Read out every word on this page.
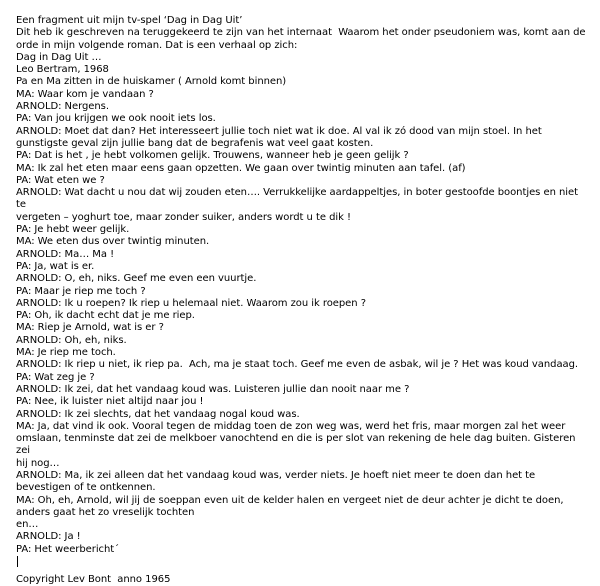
Een fragment uit mijn tv-spel ‘Dag in Dag Uit’
Dit heb ik geschreven na teruggekeerd te zijn van het internaat  Waarom het onder pseudoniem was, komt aan de
orde in mijn volgende roman. Dat is een verhaal op zich:
Dag in Dag Uit …
Leo Bertram, 1968
Pa en Ma zitten in de huiskamer ( Arnold komt binnen)
MA: Waar kom je vandaan ?
ARNOLD: Nergens.
PA: Van jou krijgen we ook nooit iets los.
ARNOLD: Moet dat dan? Het interesseert jullie toch niet wat ik doe. Al val ik zó dood van mijn stoel. In het
gunstigste geval zijn jullie bang dat de begrafenis wat veel gaat kosten.
PA: Dat is het , je hebt volkomen gelijk. Trouwens, wanneer heb je geen gelijk ?
MA: Ik zal het eten maar eens gaan opzetten. We gaan over twintig minuten aan tafel. (af)
PA: Wat eten we ?
ARNOLD: Wat dacht u nou dat wij zouden eten…. Verrukkelijke aardappeltjes, in boter gestoofde boontjes en niet te
vergeten – yoghurt toe, maar zonder suiker, anders wordt u te dik !
PA: Je hebt weer gelijk.
MA: We eten dus over twintig minuten.
ARNOLD: Ma… Ma !
PA: Ja, wat is er.
ARNOLD: O, eh, niks. Geef me even een vuurtje.
PA: Maar je riep me toch ?
ARNOLD: Ik u roepen? Ik riep u helemaal niet. Waarom zou ik roepen ?
PA: Oh, ik dacht echt dat je me riep.
MA: Riep je Arnold, wat is er ?
ARNOLD: Oh, eh, niks.
MA: Je riep me toch.
ARNOLD: Ik riep u niet, ik riep pa.  Ach, ma je staat toch. Geef me even de asbak, wil je ? Het was koud vandaag.
PA: Wat zeg je ?
ARNOLD: Ik zei, dat het vandaag koud was. Luisteren jullie dan nooit naar me ?
PA: Nee, ik luister niet altijd naar jou !
ARNOLD: Ik zei slechts, dat het vandaag nogal koud was.
MA: Ja, dat vind ik ook. Vooral tegen de middag toen de zon weg was, werd het fris, maar morgen zal het weer
omslaan, tenminste dat zei de melkboer vanochtend en die is per slot van rekening de hele dag buiten. Gisteren zei
hij nog…
ARNOLD: Ma, ik zei alleen dat het vandaag koud was, verder niets. Je hoeft niet meer te doen dan het te
bevestigen of te ontkennen.
MA: Oh, eh, Arnold, wil jij de soeppan even uit de kelder halen en vergeet niet de deur achter je dicht te doen,
anders gaat het zo vreselijk tochten
en…
ARNOLD: Ja !
PA: Het weerbericht´
Copyright Lev Bont  anno 1965
